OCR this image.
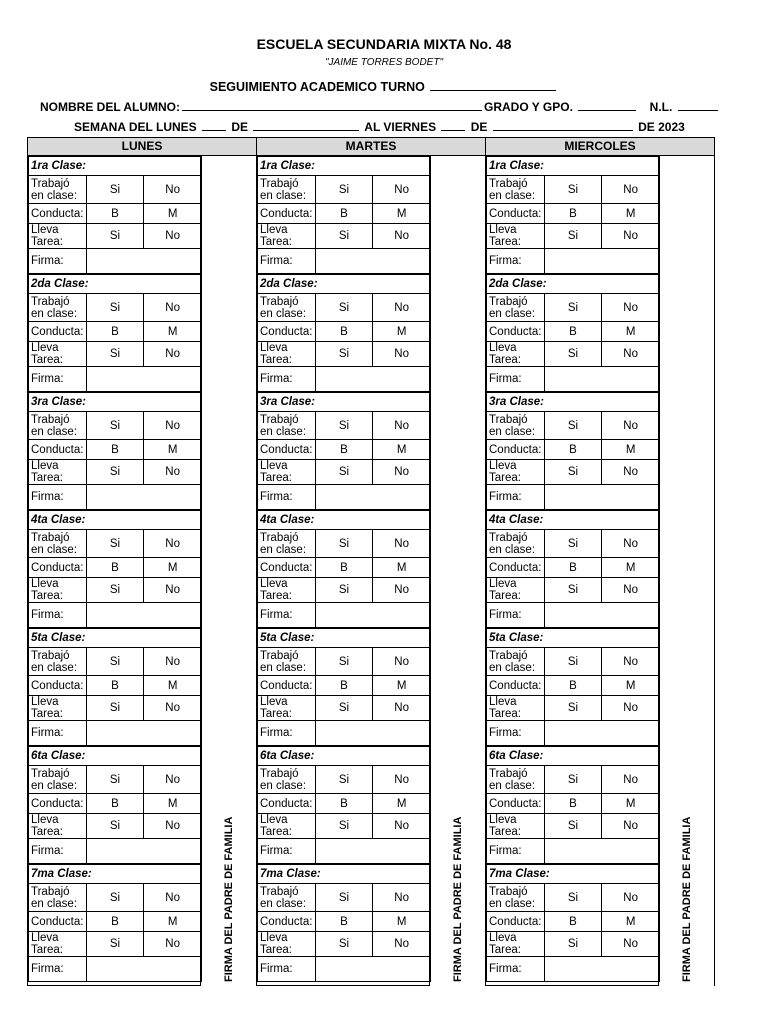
ESCUELA SECUNDARIA MIXTA No. 48
"JAIME TORRES BODET"
SEGUIMIENTO ACADEMICO TURNO
NOMBRE DEL ALUMNO:	GRADO Y GPO.	N.L.
SEMANA DEL LUNES	DE	AL VIERNES	DE	DE 2023
LUNES
1ra Clase:		
Trabajó en clase:	Si	No
Conducta:	B	M
Lleva Tarea:	Si	No
Firma:		
2da Clase:		
Trabajó en clase:	Si	No
Conducta:	B	M
Lleva Tarea:	Si	No
Firma:		
3ra Clase:		
Trabajó en clase:	Si	No
Conducta:	B	M
Lleva Tarea:	Si	No
Firma:		
4ta Clase:		
Trabajó en clase:	Si	No
Conducta:	B	M
Lleva Tarea:	Si	No
Firma:		
5ta Clase:		
Trabajó en clase:	Si	No
Conducta:	B	M
Lleva Tarea:	Si	No
Firma:		
6ta Clase:		
Trabajó en clase:	Si	No
Conducta:	B	M
Lleva Tarea:	Si	No
Firma:		
7ma Clase:		
Trabajó en clase:	Si	No
Conducta:	B	M
Lleva Tarea:	Si	No
Firma:			FIRMA DEL PADRE DE FAMILIA
MARTES
1ra Clase:		
Trabajó en clase:	Si	No
Conducta:	B	M
Lleva Tarea:	Si	No
Firma:		
2da Clase:		
Trabajó en clase:	Si	No
Conducta:	B	M
Lleva Tarea:	Si	No
Firma:		
3ra Clase:		
Trabajó en clase:	Si	No
Conducta:	B	M
Lleva Tarea:	Si	No
Firma:		
4ta Clase:		
Trabajó en clase:	Si	No
Conducta:	B	M
Lleva Tarea:	Si	No
Firma:		
5ta Clase:		
Trabajó en clase:	Si	No
Conducta:	B	M
Lleva Tarea:	Si	No
Firma:		
6ta Clase:		
Trabajó en clase:	Si	No
Conducta:	B	M
Lleva Tarea:	Si	No
Firma:		
7ma Clase:		
Trabajó en clase:	Si	No
Conducta:	B	M
Lleva Tarea:	Si	No
Firma:			FIRMA DEL PADRE DE FAMILIA
MIERCOLES
1ra Clase:		
Trabajó en clase:	Si	No
Conducta:	B	M
Lleva Tarea:	Si	No
Firma:		
2da Clase:		
Trabajó en clase:	Si	No
Conducta:	B	M
Lleva Tarea:	Si	No
Firma:		
3ra Clase:		
Trabajó en clase:	Si	No
Conducta:	B	M
Lleva Tarea:	Si	No
Firma:		
4ta Clase:		
Trabajó en clase:	Si	No
Conducta:	B	M
Lleva Tarea:	Si	No
Firma:		
5ta Clase:		
Trabajó en clase:	Si	No
Conducta:	B	M
Lleva Tarea:	Si	No
Firma:		
6ta Clase:		
Trabajó en clase:	Si	No
Conducta:	B	M
Lleva Tarea:	Si	No
Firma:		
7ma Clase:		
Trabajó en clase:	Si	No
Conducta:	B	M
Lleva Tarea:	Si	No
Firma:			FIRMA DEL PADRE DE FAMILIA
